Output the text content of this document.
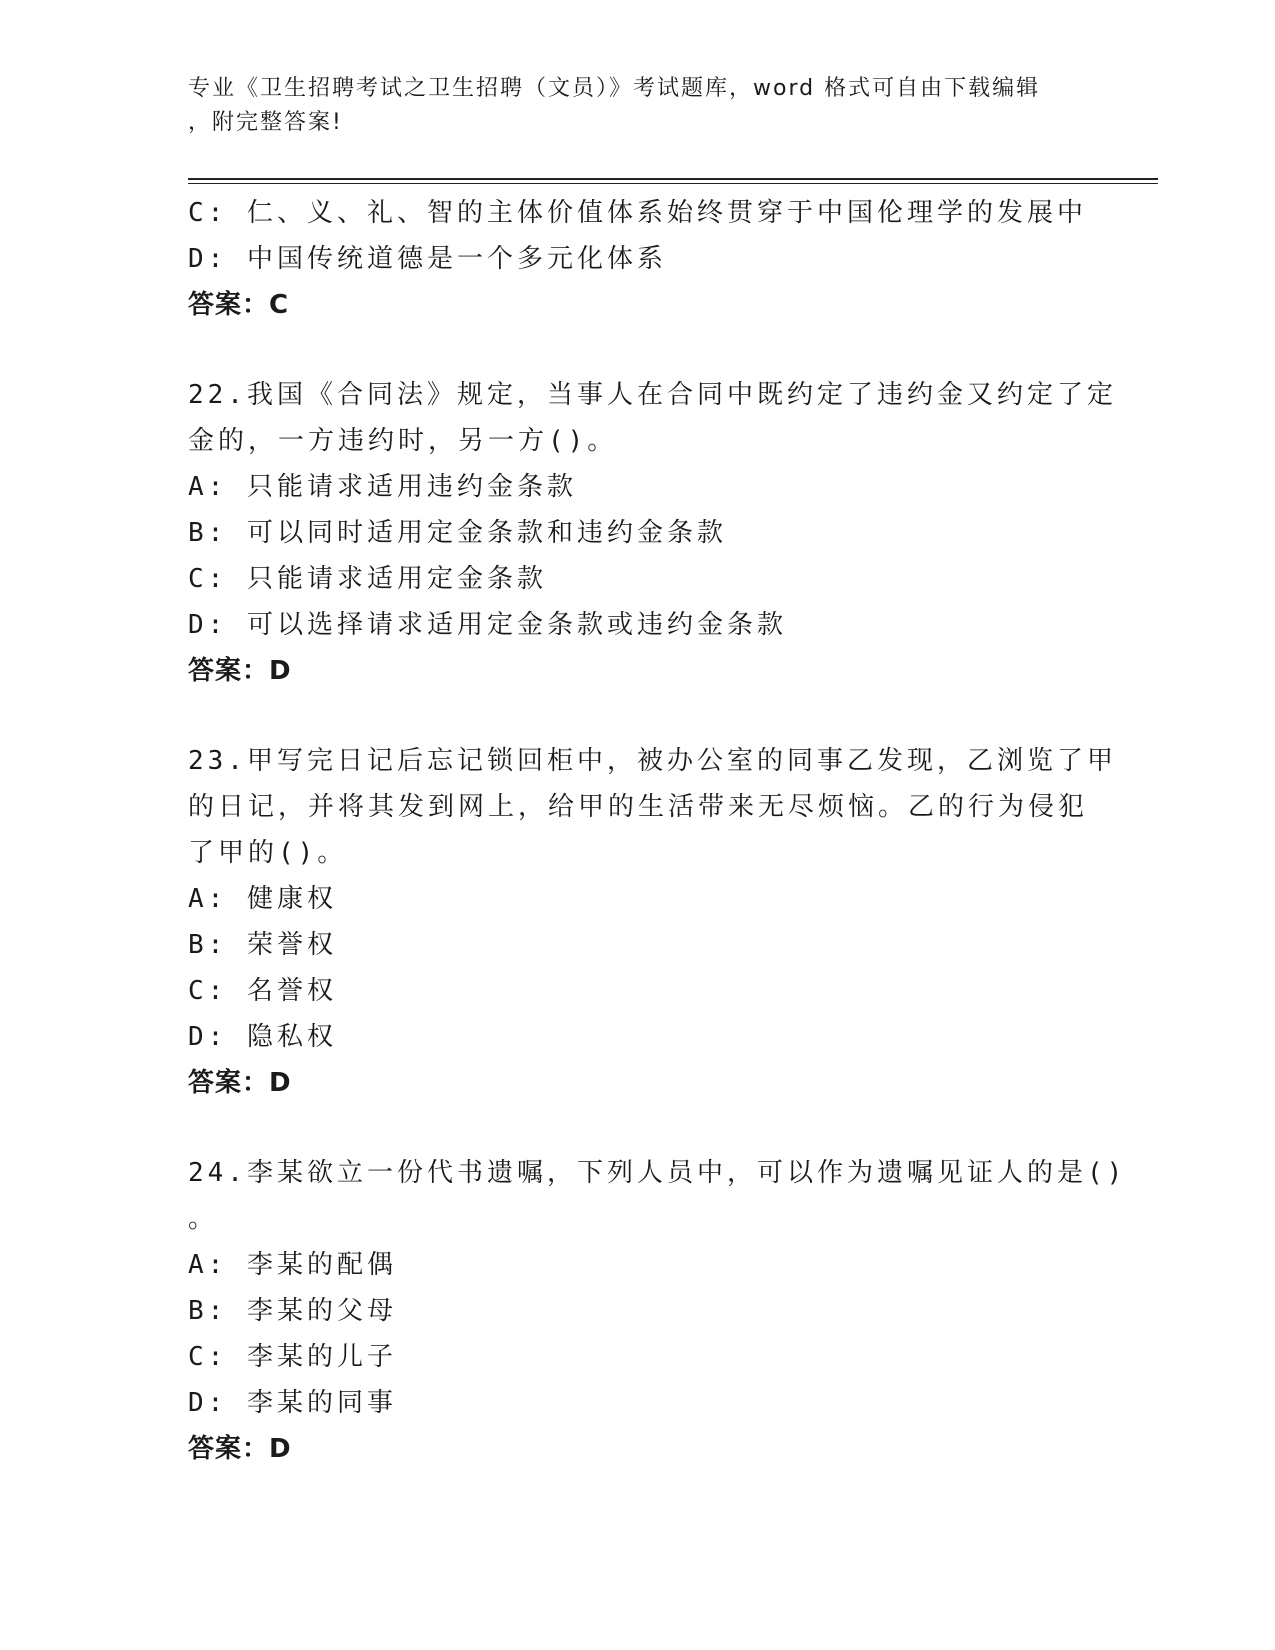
专业《卫生招聘考试之卫生招聘（文员）》考试题库，word 格式可自由下载编辑
，附完整答案!
C: 仁、义、礼、智的主体价值体系始终贯穿于中国伦理学的发展中
D: 中国传统道德是一个多元化体系
答案：C
22.我国《合同法》规定，当事人在合同中既约定了违约金又约定了定
金的，一方违约时，另一方()。
A: 只能请求适用违约金条款
B: 可以同时适用定金条款和违约金条款
C: 只能请求适用定金条款
D: 可以选择请求适用定金条款或违约金条款
答案：D
23.甲写完日记后忘记锁回柜中，被办公室的同事乙发现，乙浏览了甲
的日记，并将其发到网上，给甲的生活带来无尽烦恼。乙的行为侵犯
了甲的()。
A: 健康权
B: 荣誉权
C: 名誉权
D: 隐私权
答案：D
24.李某欲立一份代书遗嘱，下列人员中，可以作为遗嘱见证人的是()
。
A: 李某的配偶
B: 李某的父母
C: 李某的儿子
D: 李某的同事
答案：D
